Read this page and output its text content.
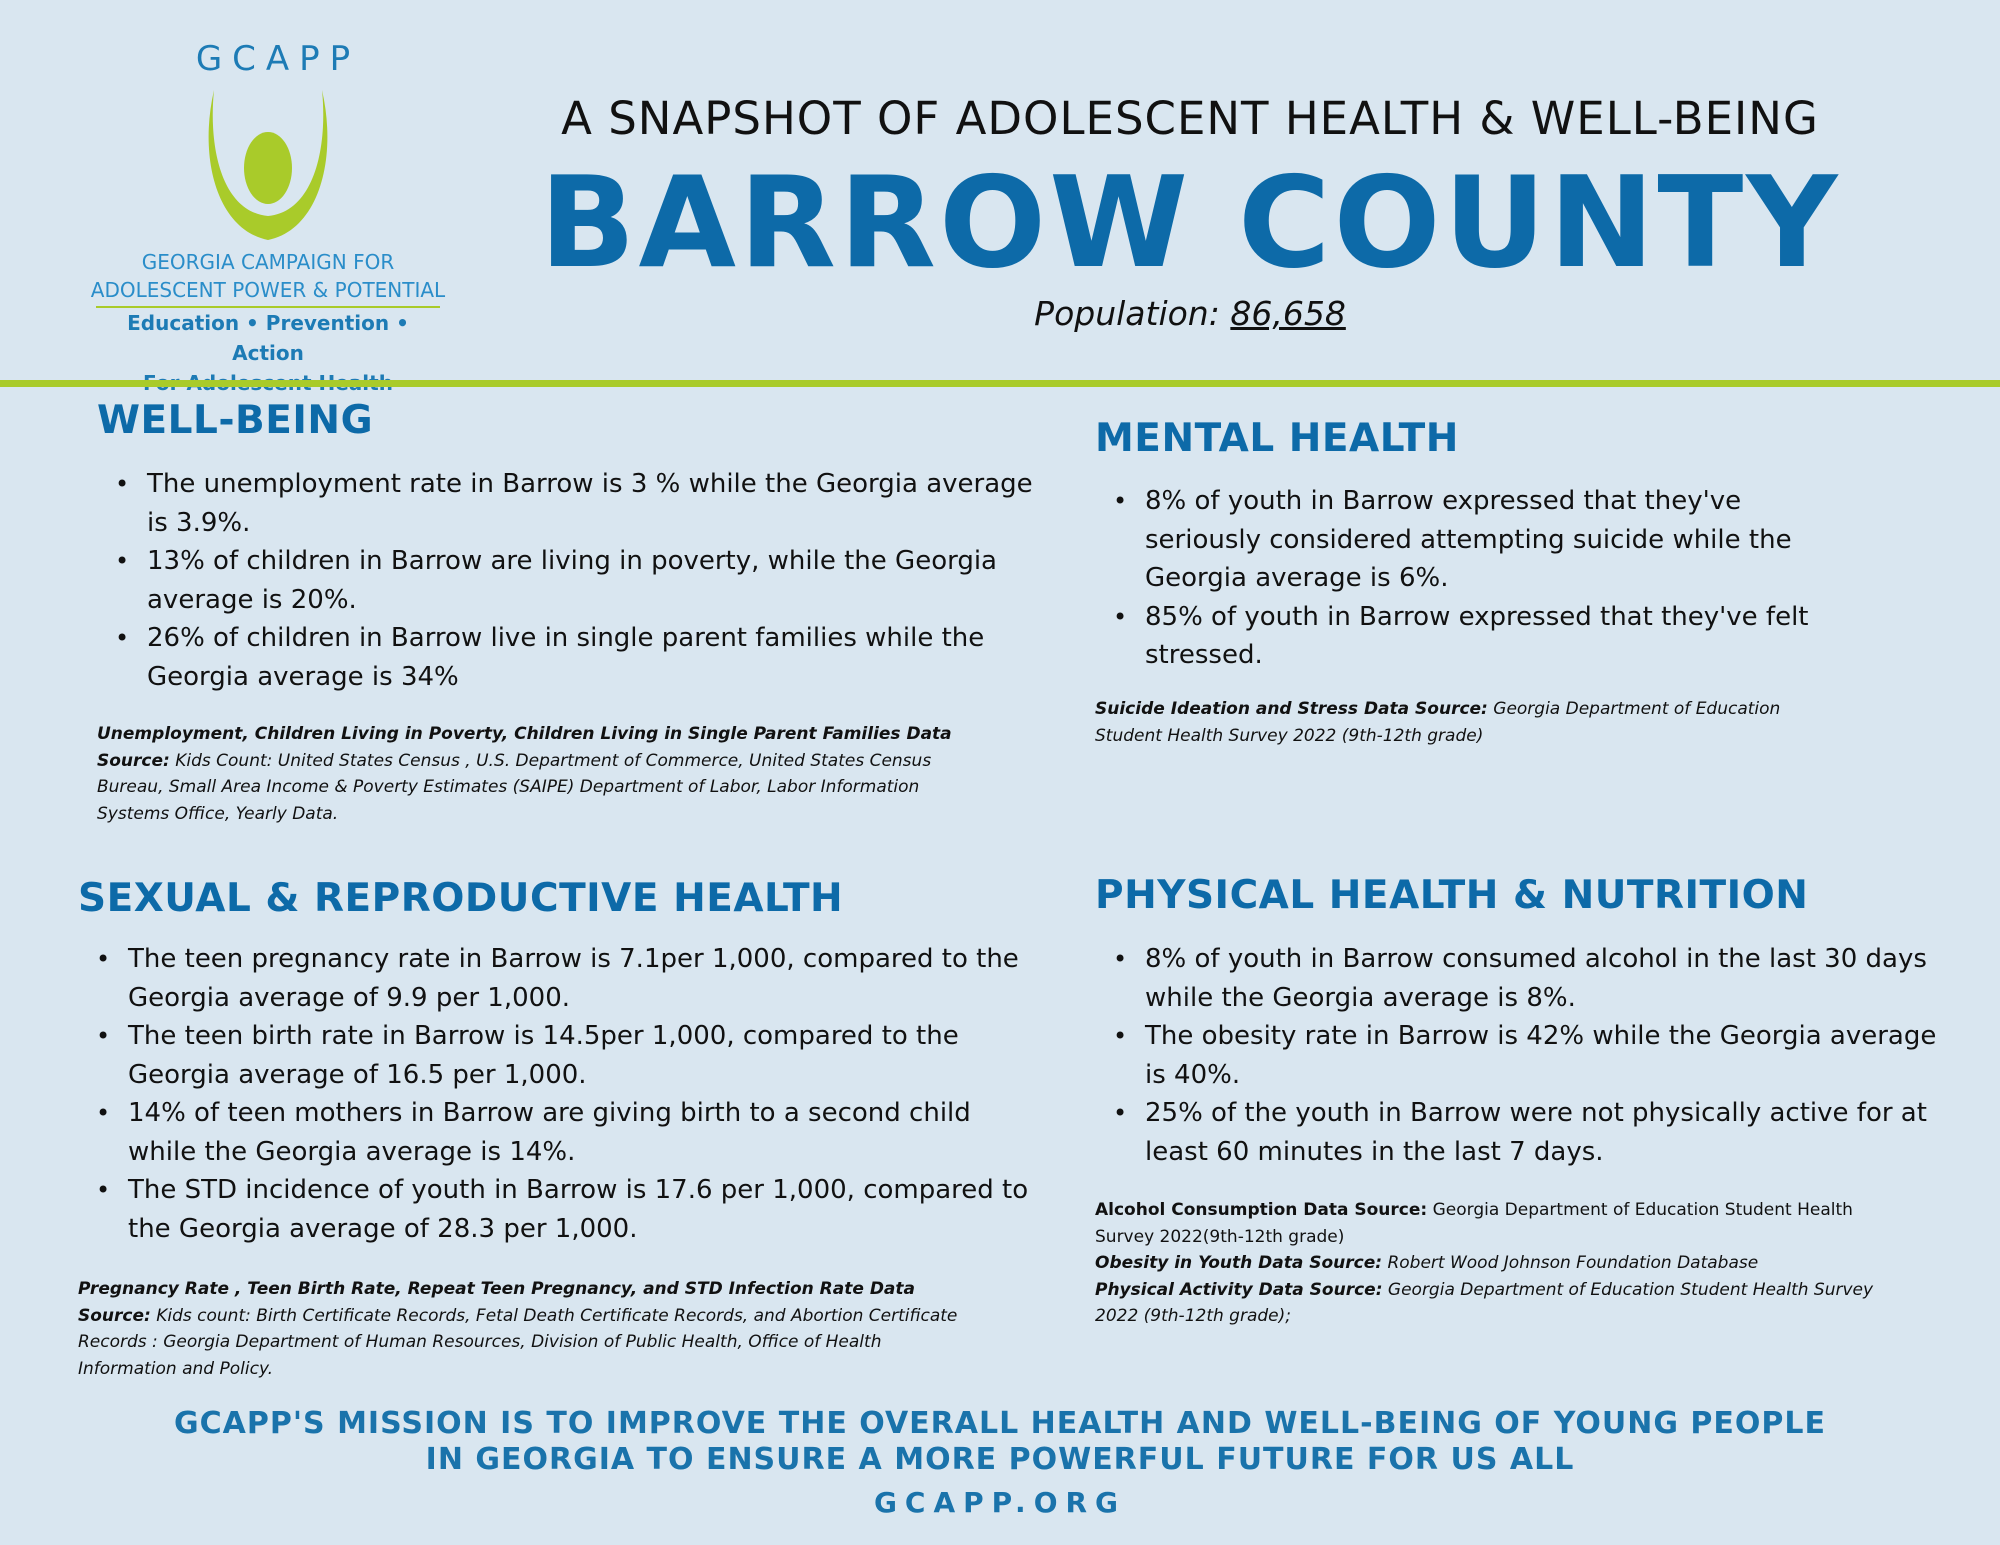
GCAPP
GEORGIA CAMPAIGN FOR
ADOLESCENT POWER & POTENTIAL
Education • Prevention • Action
A SNAPSHOT OF ADOLESCENT HEALTH & WELL-BEING
BARROW COUNTY
Population: 86,658
WELL-BEING
• The unemployment rate in Barrow is 3 % while the Georgia average is 3.9%.
• 13% of children in Barrow are living in poverty, while the Georgia average is 20%.
• 26% of children in Barrow live in single parent families while the Georgia average is 34%
Unemployment, Children Living in Poverty, Children Living in Single Parent Families Data Source: Kids Count: United States Census , U.S. Department of Commerce, United States Census Bureau, Small Area Income & Poverty Estimates (SAIPE) Department of Labor, Labor Information Systems Office, Yearly Data.
MENTAL HEALTH
• 8% of youth in Barrow expressed that they've seriously considered attempting suicide while the Georgia average is 6%.
• 85% of youth in Barrow expressed that they've felt stressed.
Suicide Ideation and Stress Data Source: Georgia Department of Education Student Health Survey 2022 (9th-12th grade)
SEXUAL & REPRODUCTIVE HEALTH
• The teen pregnancy rate in Barrow is 7.1per 1,000, compared to the Georgia average of 9.9 per 1,000.
• The teen birth rate in Barrow is 14.5per 1,000, compared to the Georgia average of 16.5 per 1,000.
• 14% of teen mothers in Barrow are giving birth to a second child while the Georgia average is 14%.
• The STD incidence of youth in Barrow is 17.6 per 1,000, compared to the Georgia average of 28.3 per 1,000.
Pregnancy Rate , Teen Birth Rate, Repeat Teen Pregnancy, and STD Infection Rate Data Source: Kids count: Birth Certificate Records, Fetal Death Certificate Records, and Abortion Certificate Records : Georgia Department of Human Resources, Division of Public Health, Office of Health Information and Policy.
PHYSICAL HEALTH & NUTRITION
• 8% of youth in Barrow consumed alcohol in the last 30 days while the Georgia average is 8%.
• The obesity rate in Barrow is 42% while the Georgia average is 40%.
• 25% of the youth in Barrow were not physically active for at least 60 minutes in the last 7 days.
Alcohol Consumption Data Source: Georgia Department of Education Student Health Survey 2022(9th-12th grade)
Obesity in Youth Data Source: Robert Wood Johnson Foundation Database
Physical Activity Data Source: Georgia Department of Education Student Health Survey 2022 (9th-12th grade);
GCAPP'S MISSION IS TO IMPROVE THE OVERALL HEALTH AND WELL-BEING OF YOUNG PEOPLE
IN GEORGIA TO ENSURE A MORE POWERFUL FUTURE FOR US ALL
GCAPP.ORG
